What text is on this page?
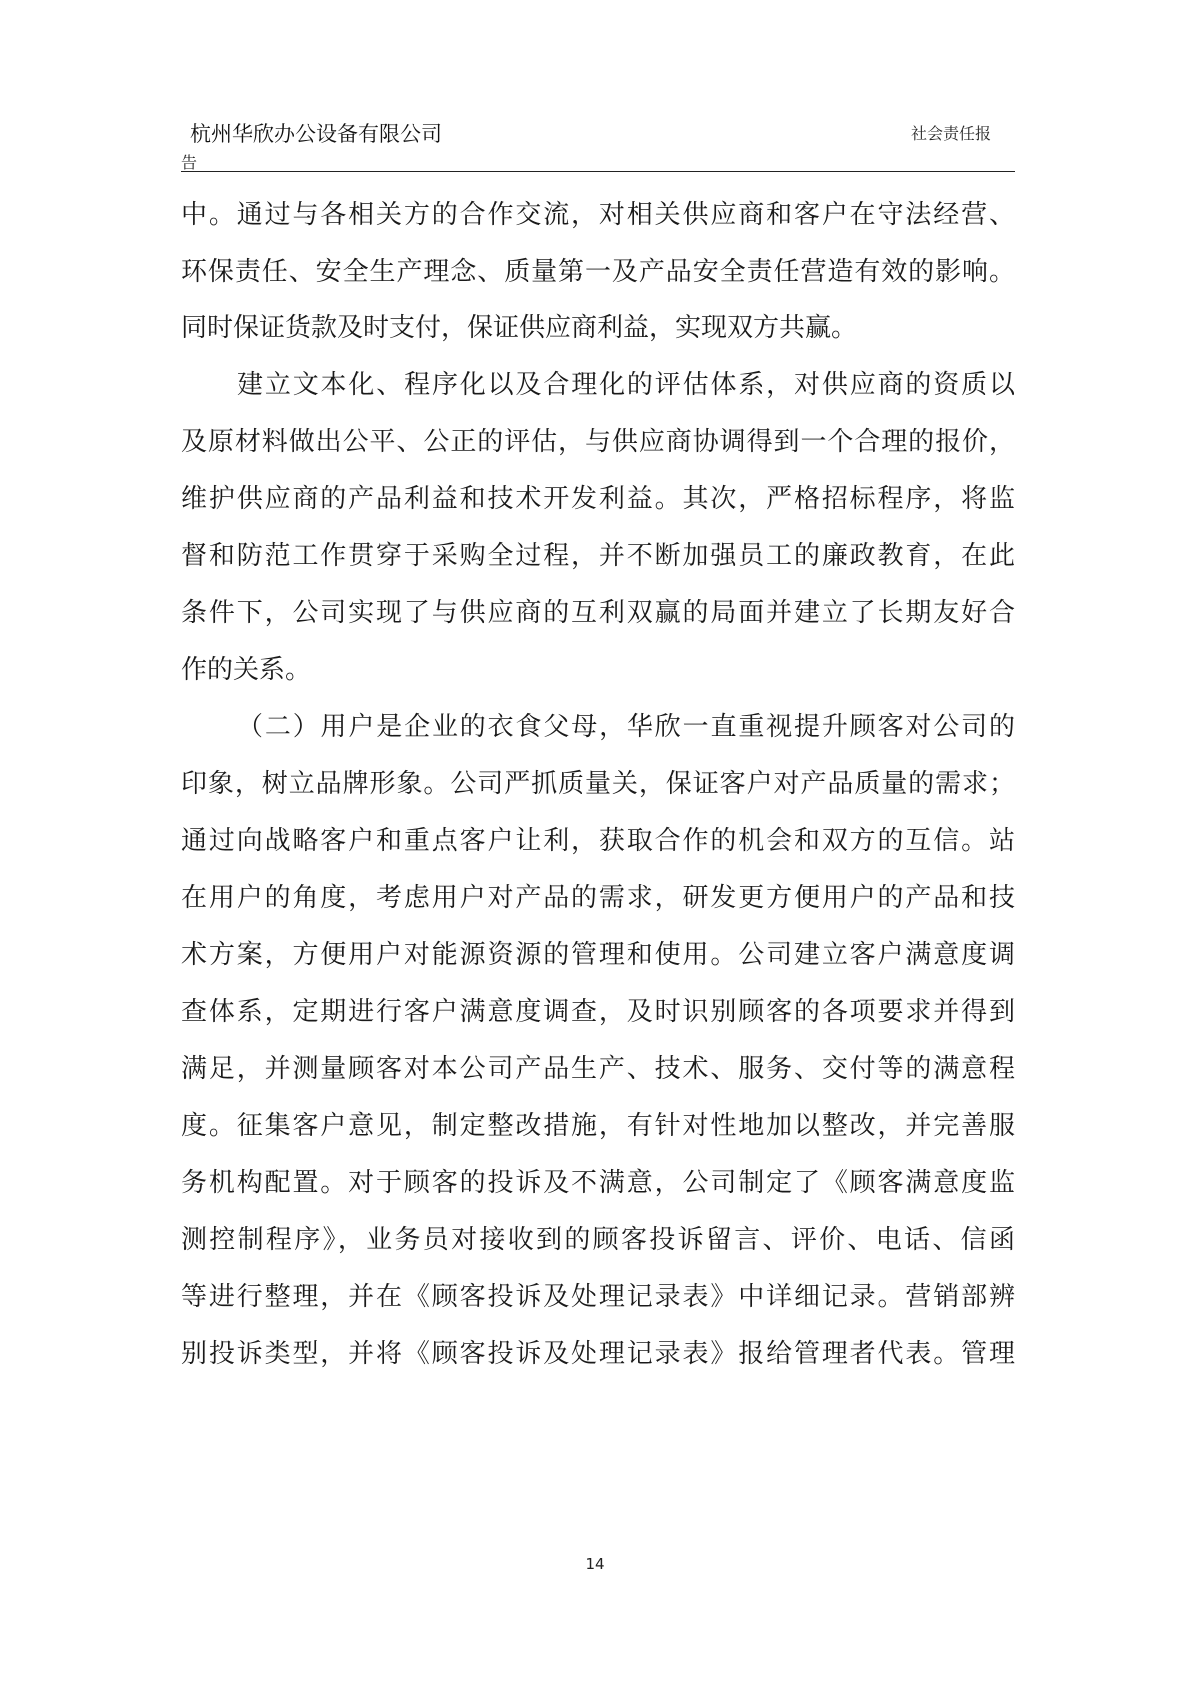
杭州华欣办公设备有限公司	社会责任报
告
中。通过与各相关方的合作交流，对相关供应商和客户在守法经营、
环保责任、安全生产理念、质量第一及产品安全责任营造有效的影响。
同时保证货款及时支付，保证供应商利益，实现双方共赢。
建立文本化、程序化以及合理化的评估体系，对供应商的资质以
及原材料做出公平、公正的评估，与供应商协调得到一个合理的报价，
维护供应商的产品利益和技术开发利益。其次，严格招标程序，将监
督和防范工作贯穿于采购全过程，并不断加强员工的廉政教育，在此
条件下，公司实现了与供应商的互利双赢的局面并建立了长期友好合
作的关系。
（二）用户是企业的衣食父母，华欣一直重视提升顾客对公司的
印象，树立品牌形象。公司严抓质量关，保证客户对产品质量的需求；
通过向战略客户和重点客户让利，获取合作的机会和双方的互信。站
在用户的角度，考虑用户对产品的需求，研发更方便用户的产品和技
术方案，方便用户对能源资源的管理和使用。公司建立客户满意度调
查体系，定期进行客户满意度调查，及时识别顾客的各项要求并得到
满足，并测量顾客对本公司产品生产、技术、服务、交付等的满意程
度。征集客户意见，制定整改措施，有针对性地加以整改，并完善服
务机构配置。对于顾客的投诉及不满意，公司制定了《顾客满意度监
测控制程序》，业务员对接收到的顾客投诉留言、评价、电话、信函
等进行整理，并在《顾客投诉及处理记录表》中详细记录。营销部辨
别投诉类型，并将《顾客投诉及处理记录表》报给管理者代表。管理
14
